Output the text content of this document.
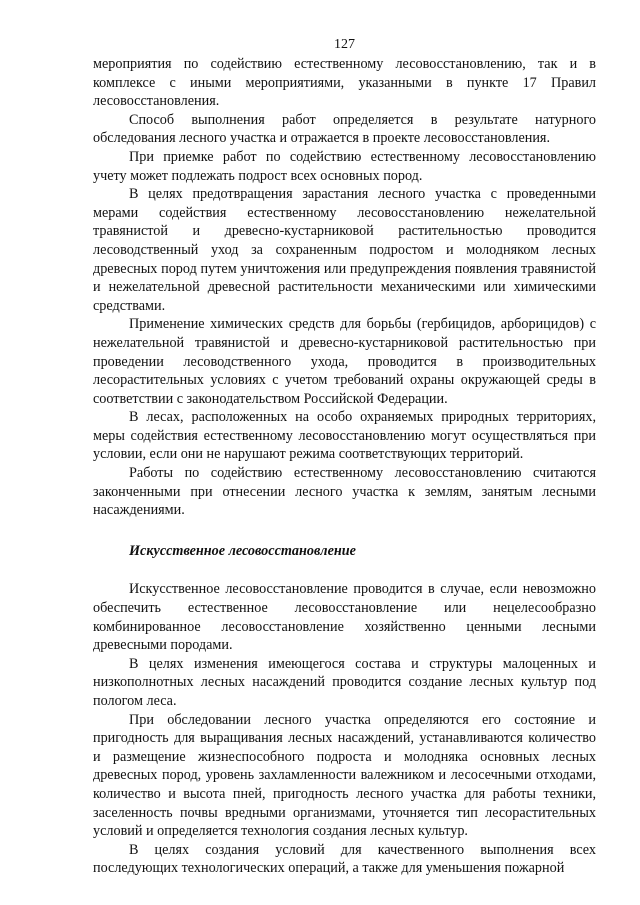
127

мероприятия по содействию естественному лесовосстановлению, так и в комплексе с иными мероприятиями, указанными в пункте 17 Правил лесовосстановления.

Способ выполнения работ определяется в результате натурного обследования лесного участка и отражается в проекте лесовосстановления.

При приемке работ по содействию естественному лесовосстановлению учету может подлежать подрост всех основных пород.

В целях предотвращения зарастания лесного участка с проведенными мерами содействия естественному лесовосстановлению нежелательной травянистой и древесно-кустарниковой растительностью проводится лесоводственный уход за сохраненным подростом и молодняком лесных древесных пород путем уничтожения или предупреждения появления травянистой и нежелательной древесной растительности механическими или химическими средствами.

Применение химических средств для борьбы (гербицидов, арборицидов) с нежелательной травянистой и древесно-кустарниковой растительностью при проведении лесоводственного ухода, проводится в производительных лесорастительных условиях с учетом требований охраны окружающей среды в соответствии с законодательством Российской Федерации.

В лесах, расположенных на особо охраняемых природных территориях, меры содействия естественному лесовосстановлению могут осуществляться при условии, если они не нарушают режима соответствующих территорий.

Работы по содействию естественному лесовосстановлению считаются законченными при отнесении лесного участка к землям, занятым лесными насаждениями.

Искусственное лесовосстановление

Искусственное лесовосстановление проводится в случае, если невозможно обеспечить естественное лесовосстановление или нецелесообразно комбинированное лесовосстановление хозяйственно ценными лесными древесными породами.

В целях изменения имеющегося состава и структуры малоценных и низкополнотных лесных насаждений проводится создание лесных культур под пологом леса.

При обследовании лесного участка определяются его состояние и пригодность для выращивания лесных насаждений, устанавливаются количество и размещение жизнеспособного подроста и молодняка основных лесных древесных пород, уровень захламленности валежником и лесосечными отходами, количество и высота пней, пригодность лесного участка для работы техники, заселенность почвы вредными организмами, уточняется тип лесорастительных условий и определяется технология создания лесных культур.

В целях создания условий для качественного выполнения всех последующих технологических операций, а также для уменьшения пожарной
